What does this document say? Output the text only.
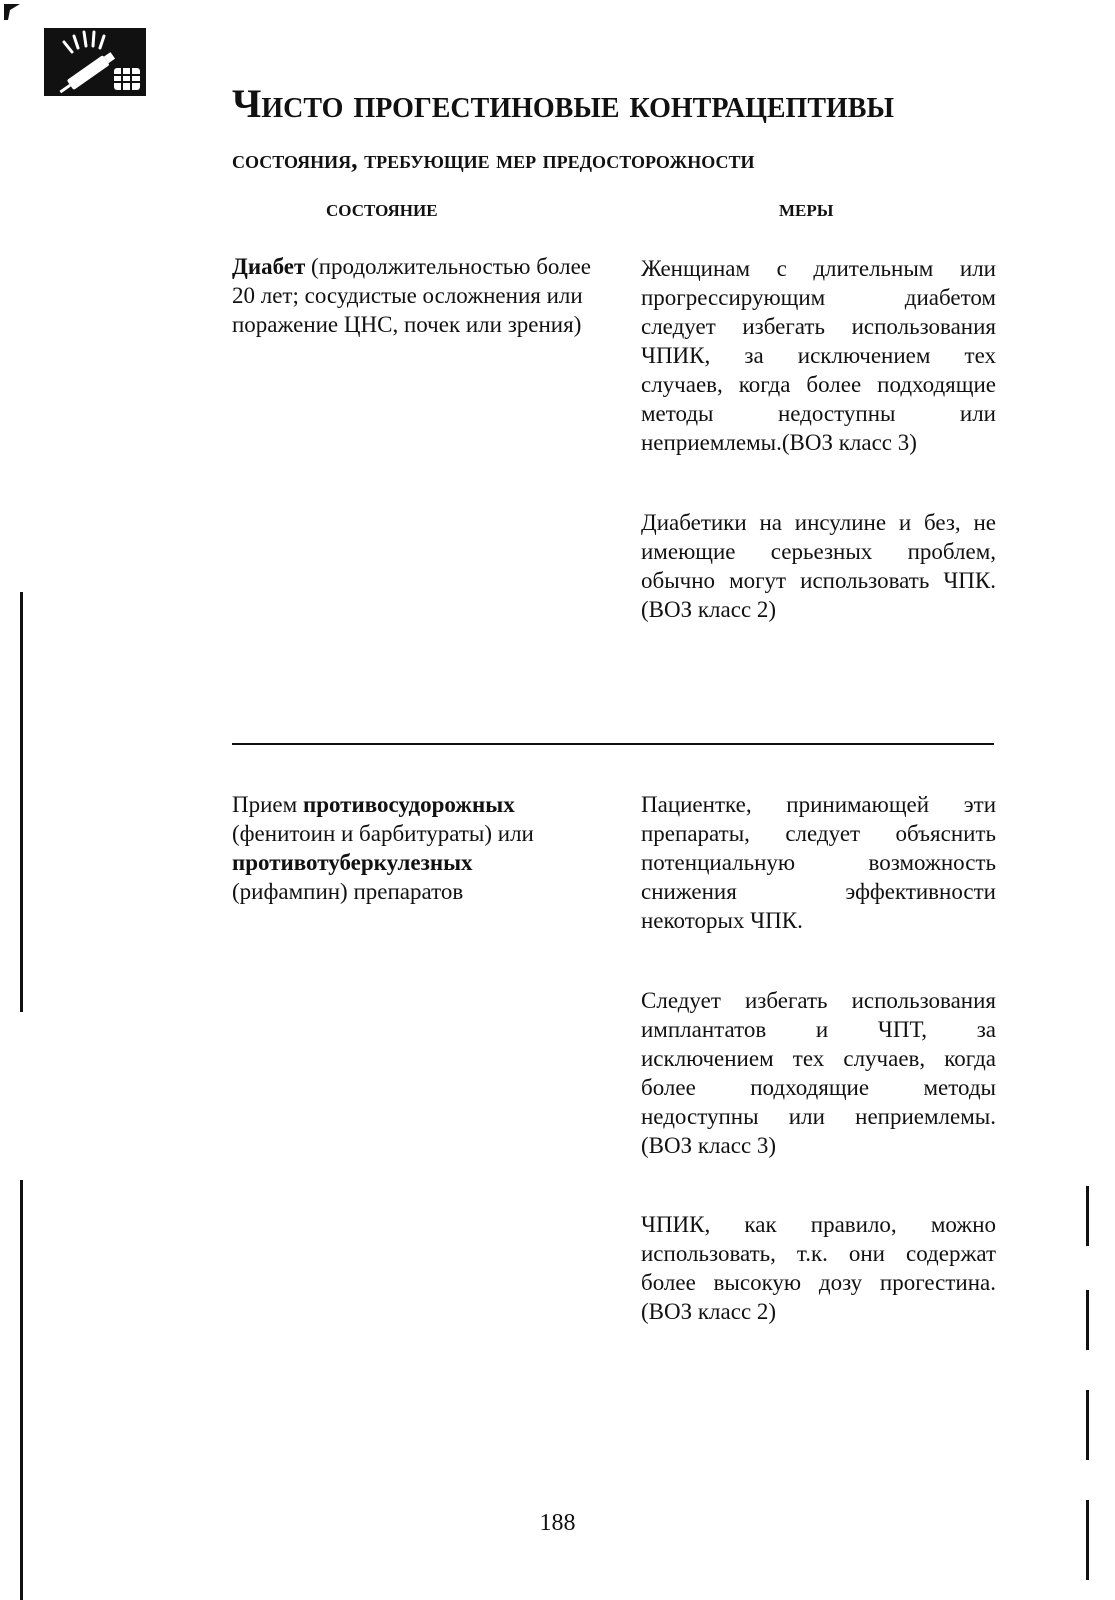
Чисто прогестиновые контрацептивы
состояния, требующие мер предосторожности
состояние	меры
Диабет (продолжительностью более 20 лет; сосудистые осложнения или поражение ЦНС, почек или зрения)
Женщинам с длительным или прогрессирующим диабетом следует избегать использования ЧПИК, за исключением тех случаев, когда более подходящие методы недоступны или неприемлемы.(ВОЗ класс 3)
Диабетики на инсулине и без, не имеющие серьезных проблем, обычно могут использовать ЧПК. (ВОЗ класс 2)
Прием противосудорожных (фенитоин и барбитураты) или противотуберкулезных (рифампин) препаратов
Пациентке, принимающей эти препараты, следует объяснить потенциальную возможность снижения эффективности некоторых ЧПК.
Следует избегать использования имплантатов и ЧПТ, за исключением тех случаев, когда более подходящие методы недоступны или неприемлемы. (ВОЗ класс 3)
ЧПИК, как правило, можно использовать, т.к. они содержат более высокую дозу прогестина. (ВОЗ класс 2)
188
